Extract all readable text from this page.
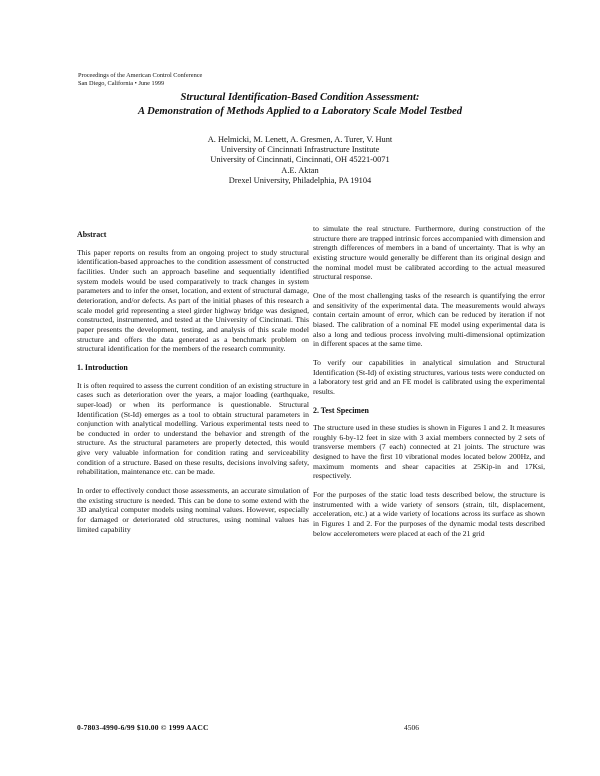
Proceedings of the American Control Conference
San Diego, California • June 1999
Structural Identification-Based Condition Assessment:
A Demonstration of Methods Applied to a Laboratory Scale Model Testbed
A. Helmicki, M. Lenett, A. Gresmen, A. Turer, V. Hunt
University of Cincinnati Infrastructure Institute
University of Cincinnati, Cincinnati, OH 45221-0071
A.E. Aktan
Drexel University, Philadelphia, PA 19104
Abstract

This paper reports on results from an ongoing project to study structural identification-based approaches to the condition assessment of constructed facilities. Under such an approach baseline and sequentially identified system models would be used comparatively to track changes in system parameters and to infer the onset, location, and extent of structural damage, deterioration, and/or defects. As part of the initial phases of this research a scale model grid representing a steel girder highway bridge was designed, constructed, instrumented, and tested at the University of Cincinnati. This paper presents the development, testing, and analysis of this scale model structure and offers the data generated as a benchmark problem on structural identification for the members of the research community.

1. Introduction

It is often required to assess the current condition of an existing structure in cases such as deterioration over the years, a major loading (earthquake, super-load) or when its performance is questionable. Structural Identification (St-Id) emerges as a tool to obtain structural parameters in conjunction with analytical modelling. Various experimental tests need to be conducted in order to understand the behavior and strength of the structure. As the structural parameters are properly detected, this would give very valuable information for condition rating and serviceability condition of a structure. Based on these results, decisions involving safety, rehabilitation, maintenance etc. can be made.

In order to effectively conduct those assessments, an accurate simulation of the existing structure is needed. This can be done to some extend with the 3D analytical computer models using nominal values. However, especially for damaged or deteriorated old structures, using nominal values has limited capability

to simulate the real structure. Furthermore, during construction of the structure there are trapped intrinsic forces accompanied with dimension and strength differences of members in a band of uncertainty. That is why an existing structure would generally be different than its original design and the nominal model must be calibrated according to the actual measured structural response.

One of the most challenging tasks of the research is quantifying the error and sensitivity of the experimental data. The measurements would always contain certain amount of error, which can be reduced by iteration if not biased. The calibration of a nominal FE model using experimental data is also a long and tedious process involving multi-dimensional optimization in different spaces at the same time.

To verify our capabilities in analytical simulation and Structural Identification (St-Id) of existing structures, various tests were conducted on a laboratory test grid and an FE model is calibrated using the experimental results.

2. Test Specimen

The structure used in these studies is shown in Figures 1 and 2. It measures roughly 6-by-12 feet in size with 3 axial members connected by 2 sets of transverse members (7 each) connected at 21 joints. The structure was designed to have the first 10 vibrational modes located below 200Hz, and maximum moments and shear capacities at 25Kip-in and 17Ksi, respectively.

For the purposes of the static load tests described below, the structure is instrumented with a wide variety of sensors (strain, tilt, displacement, acceleration, etc.) at a wide variety of locations across its surface as shown in Figures 1 and 2. For the purposes of the dynamic modal tests described below accelerometers were placed at each of the 21 grid

0-7803-4990-6/99 $10.00 © 1999 AACC	4506
